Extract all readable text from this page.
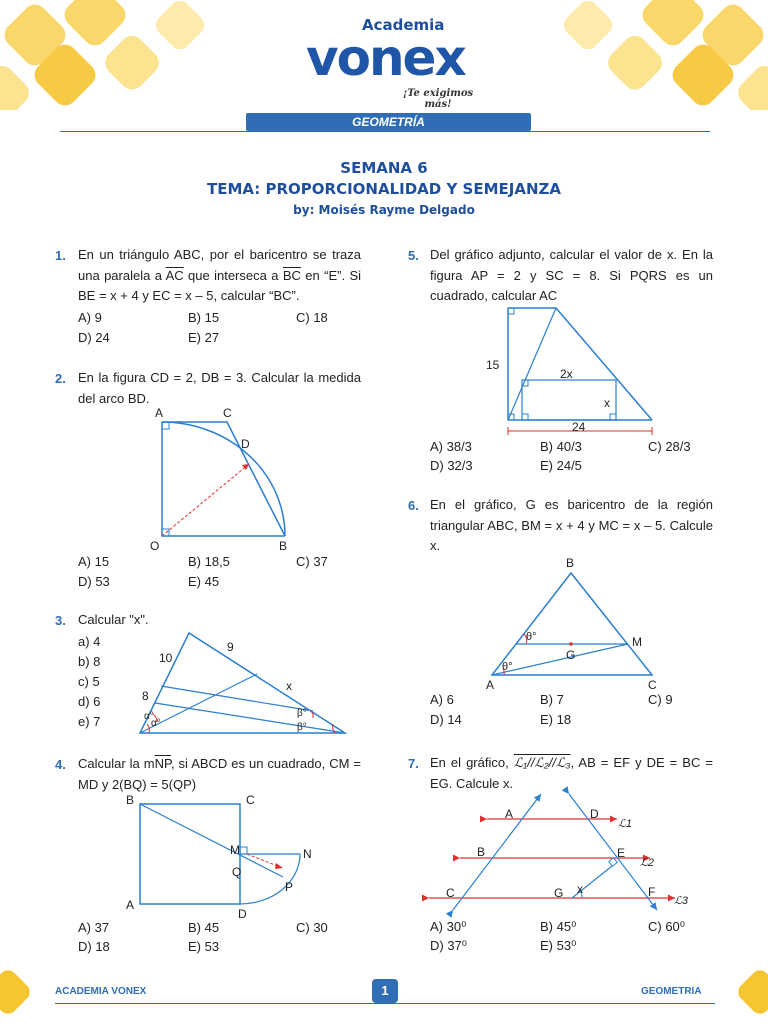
Academia
vonex
¡Te exigimos más!
GEOMETRÍA
SEMANA 6
TEMA: PROPORCIONALIDAD Y SEMEJANZA
by: Moisés Rayme Delgado
1. En un triángulo ABC, por el baricentro se traza una paralela a $\overline{AC}$ que interseca a $\overline{BC}$ en “E”. Si BE = x + 4 y EC = x – 5, calcular “BC”.
A) 9	B) 15	C) 18
D) 24	E) 27
2. En la figura CD = 2, DB = 3. Calcular la medida del arco BD.
A	C
D
O	B
A) 15	B) 18,5	C) 37
D) 53	E) 45
3. Calcular "x".
a) 4
b) 8
c) 5
d) 6
e) 7
10
9
8
x
α°
α°
β°
β°
4. Calcular la $m\overline{NP}$, si ABCD es un cuadrado, CM = MD y 2(BQ) = 5(QP)
B	C
M	N
Q
P
A
D
A) 37	B) 45	C) 30
D) 18	E) 53
5. Del gráfico adjunto, calcular el valor de x. En la figura AP = 2 y SC = 8. Si PQRS es un cuadrado, calcular AC
15
2x
x
24
A) 38/3	B) 40/3	C) 28/3
D) 32/3	E) 24/5
6. En el gráfico, G es baricentro de la región triangular ABC, BM = x + 4 y MC = x – 5. Calcule x.
B
θ°	M
G
θ°
A	C
A) 6	B) 7	C) 9
D) 14	E) 18
7. En el gráfico, ℒ₁//ℒ₂//ℒ₃, AB = EF y DE = BC = EG. Calcule x.
A	D
ℒ1
B	E
ℒ2
x
C	G	F
ℒ3
A) 30⁰	B) 45⁰	C) 60⁰
D) 37⁰	E) 53⁰
ACADEMIA VONEX	1	GEOMETRIA
